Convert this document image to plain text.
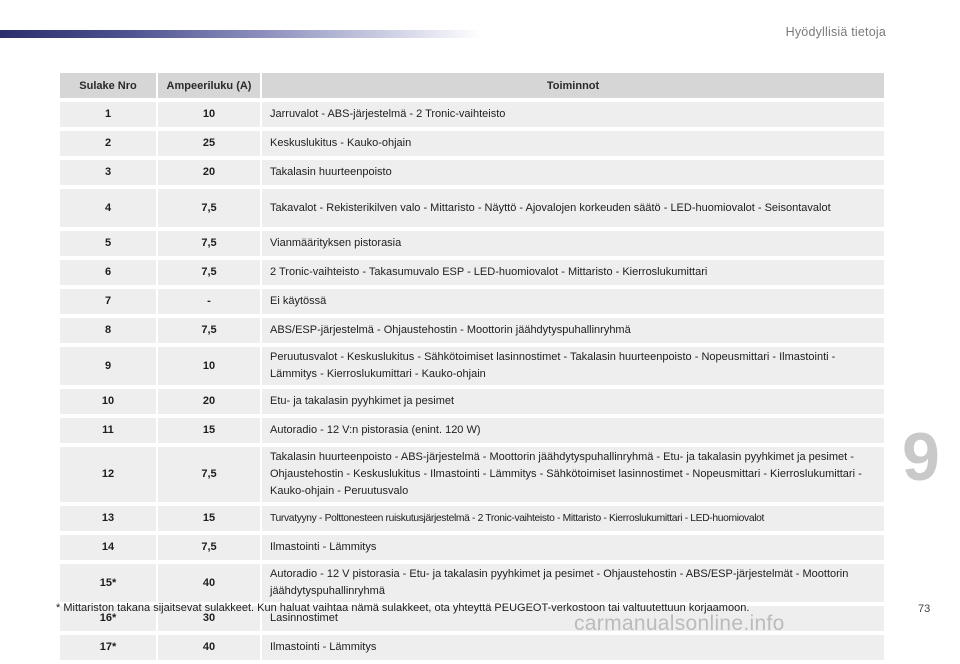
Hyödyllisiä tietoja
9
Sulake Nro	Ampeeriluku (A)	Toiminnot
1	10	Jarruvalot - ABS-järjestelmä - 2 Tronic-vaihteisto
2	25	Keskuslukitus - Kauko-ohjain
3	20	Takalasin huurteenpoisto
4	7,5	Takavalot - Rekisterikilven valo - Mittaristo - Näyttö - Ajovalojen korkeuden säätö - LED-huomiovalot - Seisontavalot
5	7,5	Vianmäärityksen pistorasia
6	7,5	2 Tronic-vaihteisto - Takasumuvalo ESP - LED-huomiovalot - Mittaristo - Kierroslukumittari
7	-	Ei käytössä
8	7,5	ABS/ESP-järjestelmä - Ohjaustehostin - Moottorin jäähdytyspuhallinryhmä
9	10	Peruutusvalot - Keskuslukitus - Sähkötoimiset lasinnostimet - Takalasin huurteenpoisto - Nopeusmittari - Ilmastointi - Lämmitys - Kierroslukumittari - Kauko-ohjain
10	20	Etu- ja takalasin pyyhkimet ja pesimet
11	15	Autoradio - 12 V:n pistorasia (enint. 120 W)
12	7,5	Takalasin huurteenpoisto - ABS-järjestelmä - Moottorin jäähdytyspuhallinryhmä - Etu- ja takalasin pyyhkimet ja pesimet - Ohjaustehostin - Keskuslukitus - Ilmastointi - Lämmitys - Sähkötoimiset lasinnostimet - Nopeusmittari - Kierroslukumittari - Kauko-ohjain - Peruutusvalo
13	15	Turvatyyny - Polttonesteen ruiskutusjärjestelmä - 2 Tronic-vaihteisto - Mittaristo - Kierroslukumittari - LED-huomiovalot
14	7,5	Ilmastointi - Lämmitys
15*	40	Autoradio - 12 V pistorasia - Etu- ja takalasin pyyhkimet ja pesimet - Ohjaustehostin - ABS/ESP-järjestelmät - Moottorin jäähdytyspuhallinryhmä
16*	30	Lasinnostimet
17*	40	Ilmastointi - Lämmitys
* Mittariston takana sijaitsevat sulakkeet. Kun haluat vaihtaa nämä sulakkeet, ota yhteyttä PEUGEOT-verkostoon tai valtuutettuun korjaamoon.	73
carmanualsonline.info
